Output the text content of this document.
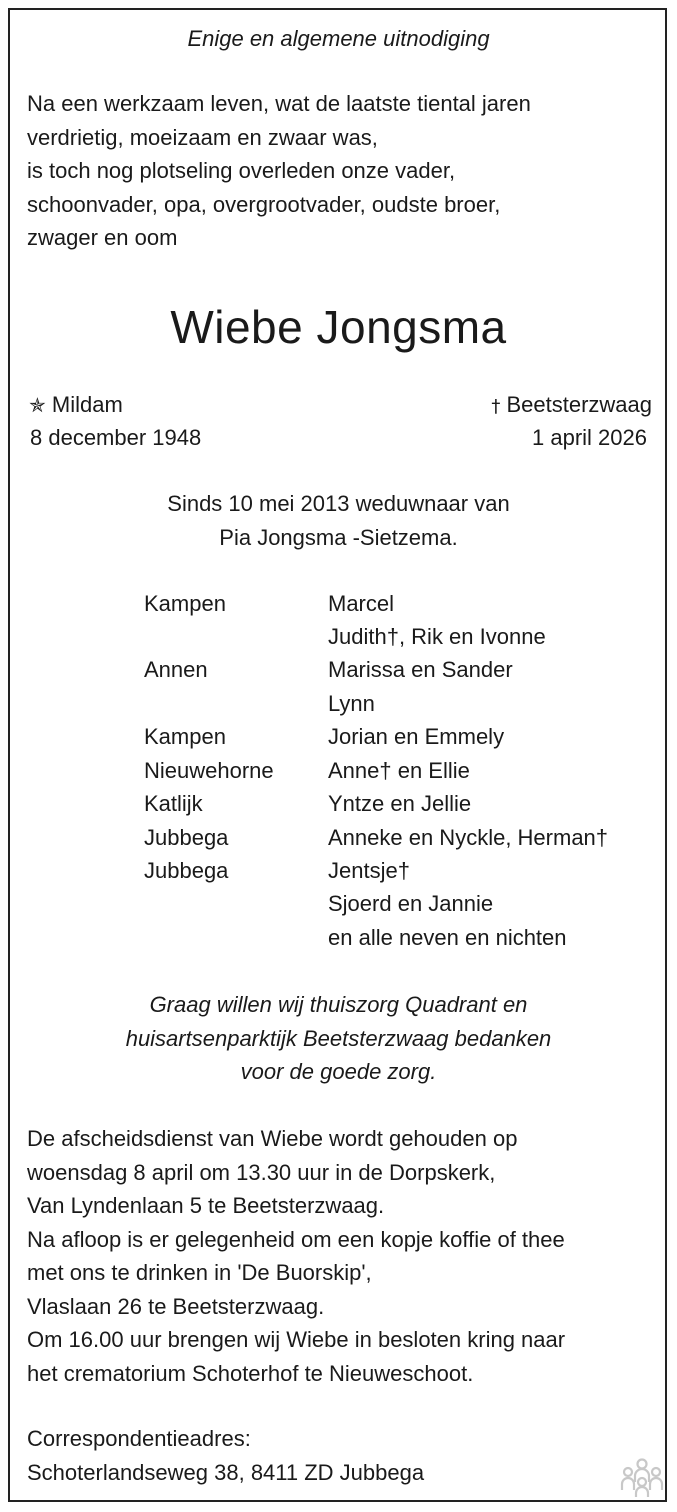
Enige en algemene uitnodiging
Na een werkzaam leven, wat de laatste tiental jaren
verdrietig, moeizaam en zwaar was,
is toch nog plotseling overleden onze vader,
schoonvader, opa, overgrootvader, oudste broer,
zwager en oom
Wiebe Jongsma
✯ Mildam
8 december 1948
† Beetsterzwaag
1 april 2026
Sinds 10 mei 2013 weduwnaar van
Pia Jongsma -Sietzema.
Kampen	Marcel
Judith†, Rik en Ivonne
Annen	Marissa en Sander
Lynn
Kampen	Jorian en Emmely
Nieuwehorne Anne† en Ellie
Katlijk	Yntze en Jellie
Jubbega	Anneke en Nyckle, Herman†
Jubbega	Jentsje†
Sjoerd en Jannie
en alle neven en nichten
Graag willen wij thuiszorg Quadrant en
huisartsenparktijk Beetsterzwaag bedanken
voor de goede zorg.
De afscheidsdienst van Wiebe wordt gehouden op
woensdag 8 april om 13.30 uur in de Dorpskerk,
Van Lyndenlaan 5 te Beetsterzwaag.
Na afloop is er gelegenheid om een kopje koffie of thee
met ons te drinken in 'De Buorskip',
Vlaslaan 26 te Beetsterzwaag.
Om 16.00 uur brengen wij Wiebe in besloten kring naar
het crematorium Schoterhof te Nieuweschoot.
Correspondentieadres:
Schoterlandseweg 38, 8411 ZD Jubbega
